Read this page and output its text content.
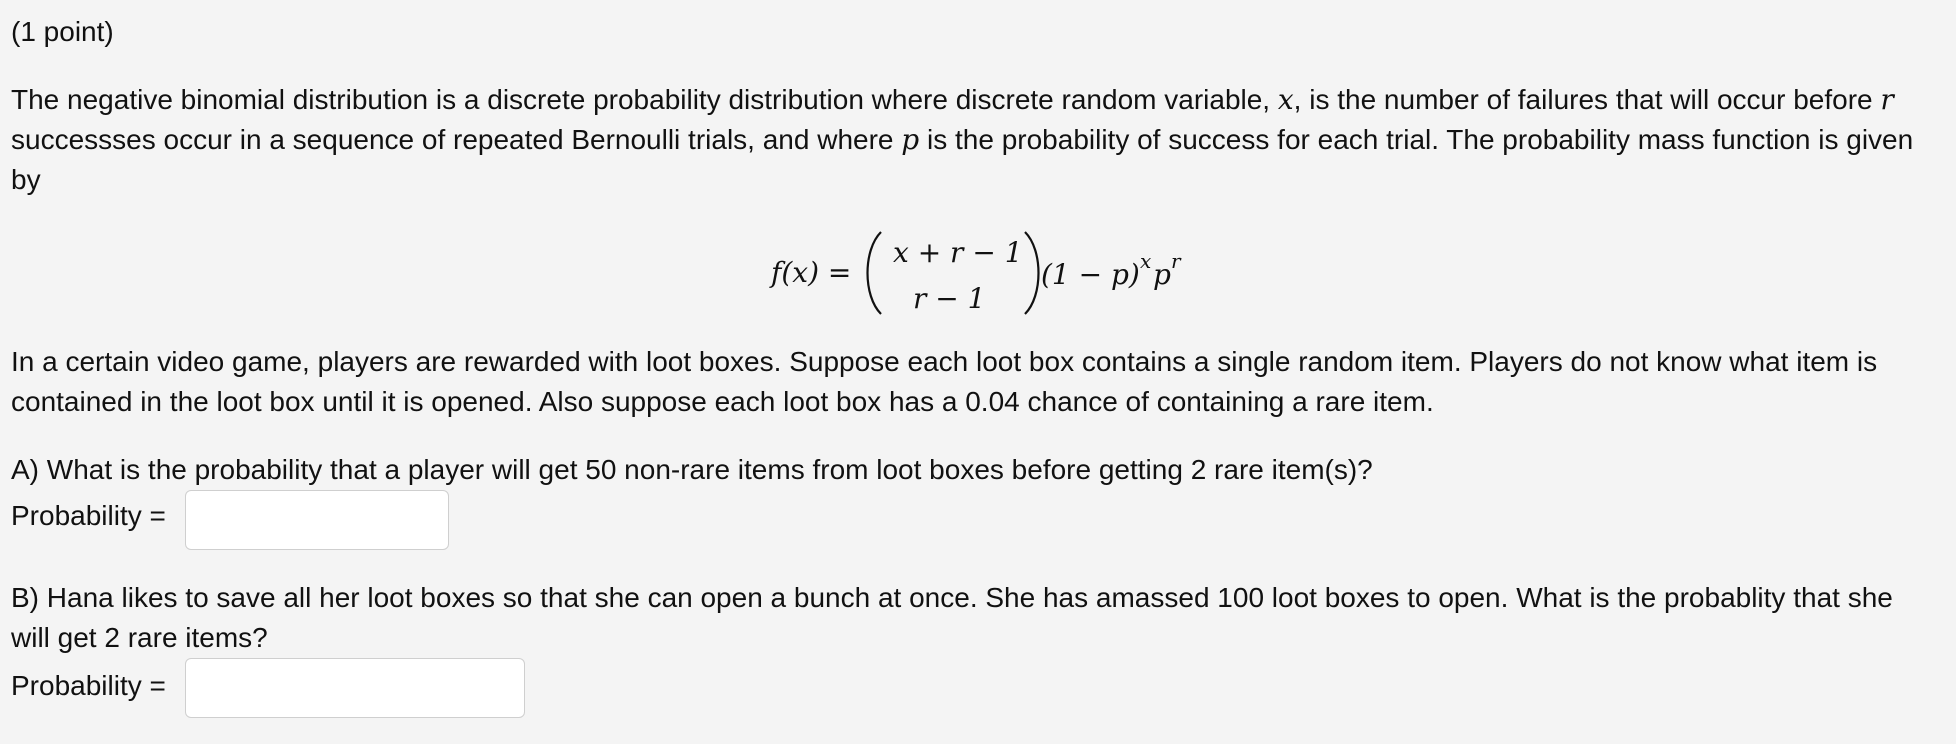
(1 point)
The negative binomial distribution is a discrete probability distribution where discrete random variable, x, is the number of failures that will occur before r successses occur in a sequence of repeated Bernoulli trials, and where p is the probability of success for each trial. The probability mass function is given by
f(x) =
x + r − 1
r − 1
(1 − p) x p r
In a certain video game, players are rewarded with loot boxes. Suppose each loot box contains a single random item. Players do not know what item is contained in the loot box until it is opened. Also suppose each loot box has a 0.04 chance of containing a rare item.
A) What is the probability that a player will get 50 non-rare items from loot boxes before getting 2 rare item(s)?
Probability =
B) Hana likes to save all her loot boxes so that she can open a bunch at once. She has amassed 100 loot boxes to open. What is the probablity that she will get 2 rare items?
Probability =
